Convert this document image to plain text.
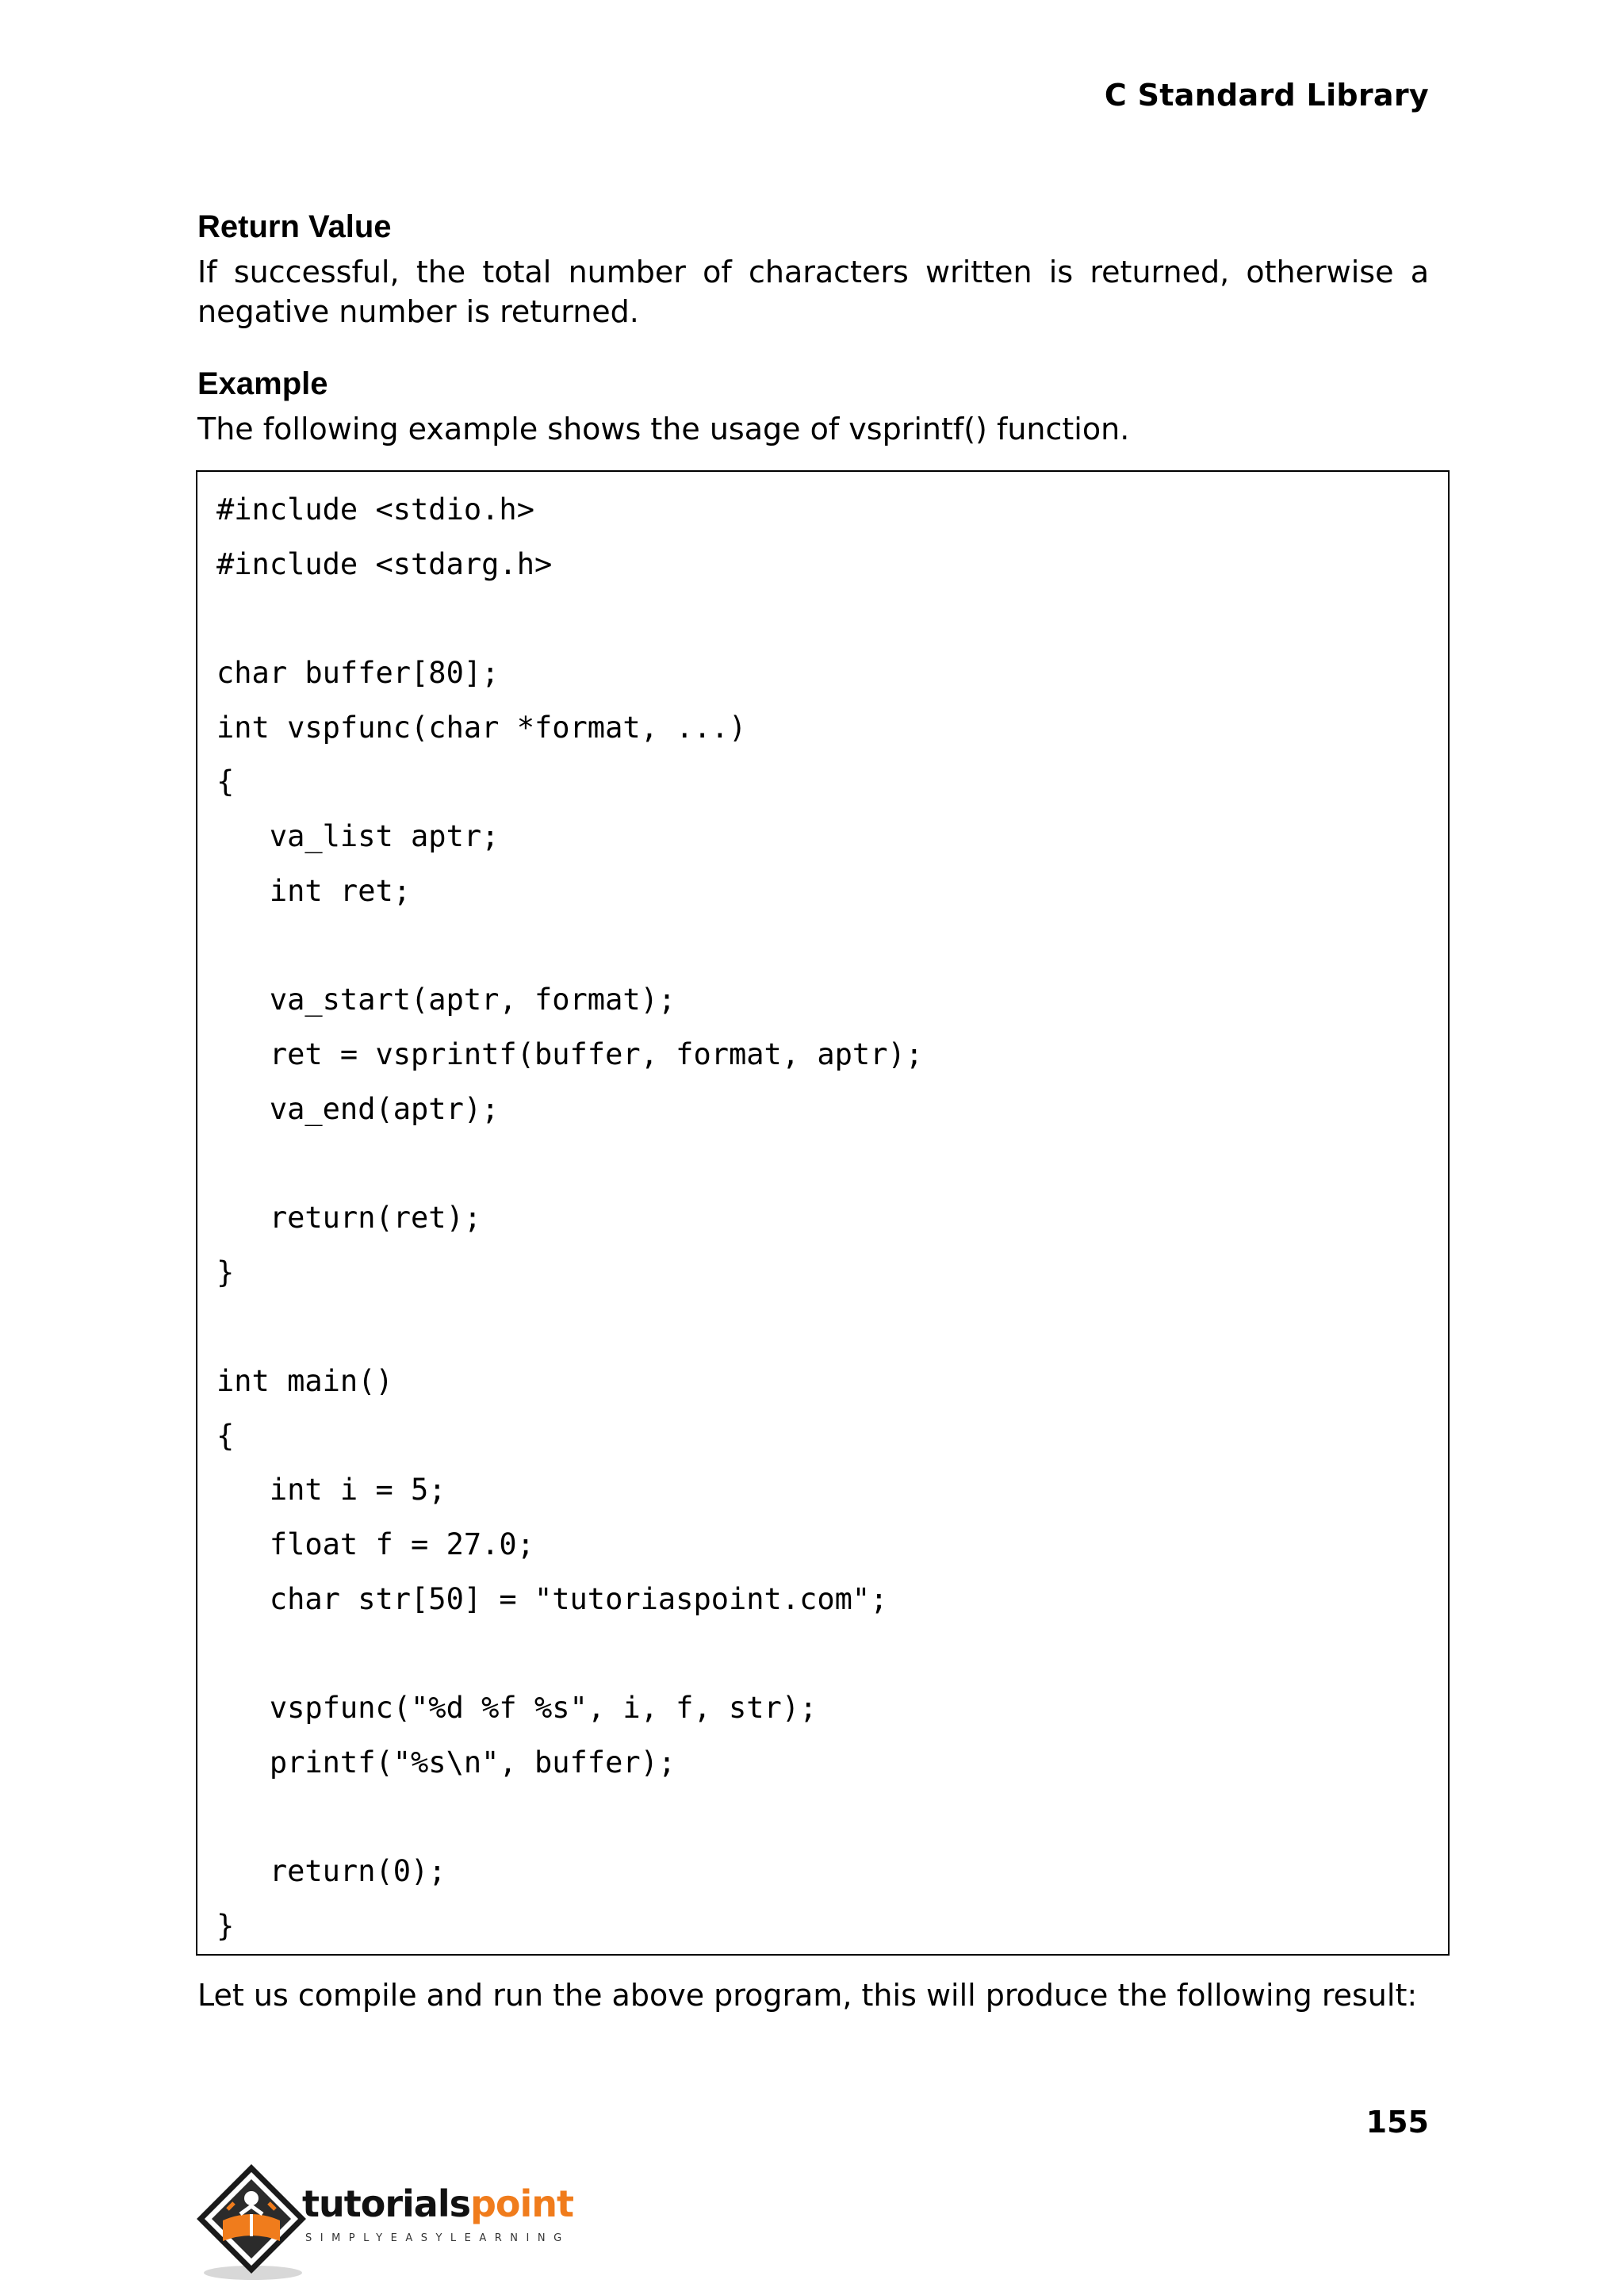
C Standard Library
Return Value
If successful, the total number of characters written is returned, otherwise a negative number is returned.
Example
The following example shows the usage of vsprintf() function.
#include <stdio.h>
#include <stdarg.h>
char buffer[80];
int vspfunc(char *format, ...)
{
va_list aptr;
int ret;
va_start(aptr, format);
ret = vsprintf(buffer, format, aptr);
va_end(aptr);
return(ret);
}
int main()
{
int i = 5;
float f = 27.0;
char str[50] = "tutoriaspoint.com";
vspfunc("%d %f %s", i, f, str);
printf("%s\n", buffer);
return(0);
}
Let us compile and run the above program, this will produce the following result:
155
tutorialspoint
SIMPLYEASYLEARNING
